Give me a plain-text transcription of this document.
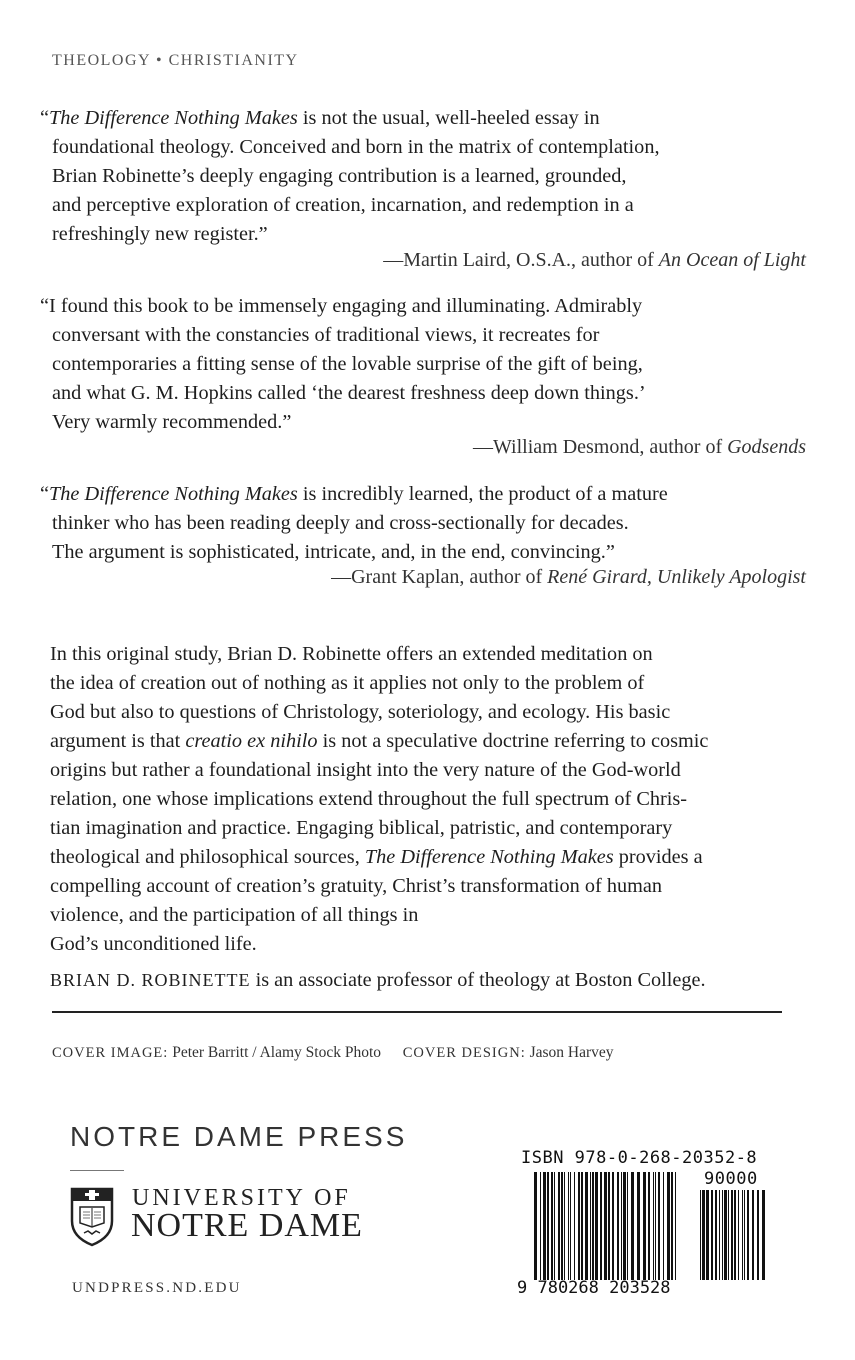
THEOLOGY • CHRISTIANITY
“The Difference Nothing Makes is not the usual, well-heeled essay in
foundational theology. Conceived and born in the matrix of contemplation,
Brian Robinette’s deeply engaging contribution is a learned, grounded,
and perceptive exploration of creation, incarnation, and redemption in a
refreshingly new register.”
—Martin Laird, O.S.A., author of An Ocean of Light
“I found this book to be immensely engaging and illuminating. Admirably
conversant with the constancies of traditional views, it recreates for
contemporaries a fitting sense of the lovable surprise of the gift of being,
and what G. M. Hopkins called ‘the dearest freshness deep down things.’
Very warmly recommended.”
—William Desmond, author of Godsends
“The Difference Nothing Makes is incredibly learned, the product of a mature
thinker who has been reading deeply and cross-sectionally for decades.
The argument is sophisticated, intricate, and, in the end, convincing.”
—Grant Kaplan, author of René Girard, Unlikely Apologist
In this original study, Brian D. Robinette offers an extended meditation on
the idea of creation out of nothing as it applies not only to the problem of
God but also to questions of Christology, soteriology, and ecology. His basic
argument is that creatio ex nihilo is not a speculative doctrine referring to cosmic
origins but rather a foundational insight into the very nature of the God-world
relation, one whose implications extend throughout the full spectrum of Chris-
tian imagination and practice. Engaging biblical, patristic, and contemporary
theological and philosophical sources, The Difference Nothing Makes provides a
compelling account of creation’s gratuity, Christ’s transformation of human
violence, and the participation of all things in
God’s unconditioned life.
BRIAN D. ROBINETTE is an associate professor of theology at Boston College.
COVER IMAGE: Peter Barritt / Alamy Stock Photo COVER DESIGN: Jason Harvey
NOTRE DAME PRESS
UNIVERSITY OF
NOTRE DAME
UNDPRESS.ND.EDU
ISBN 978-0-268-20352-8
90000
9 780268 203528
